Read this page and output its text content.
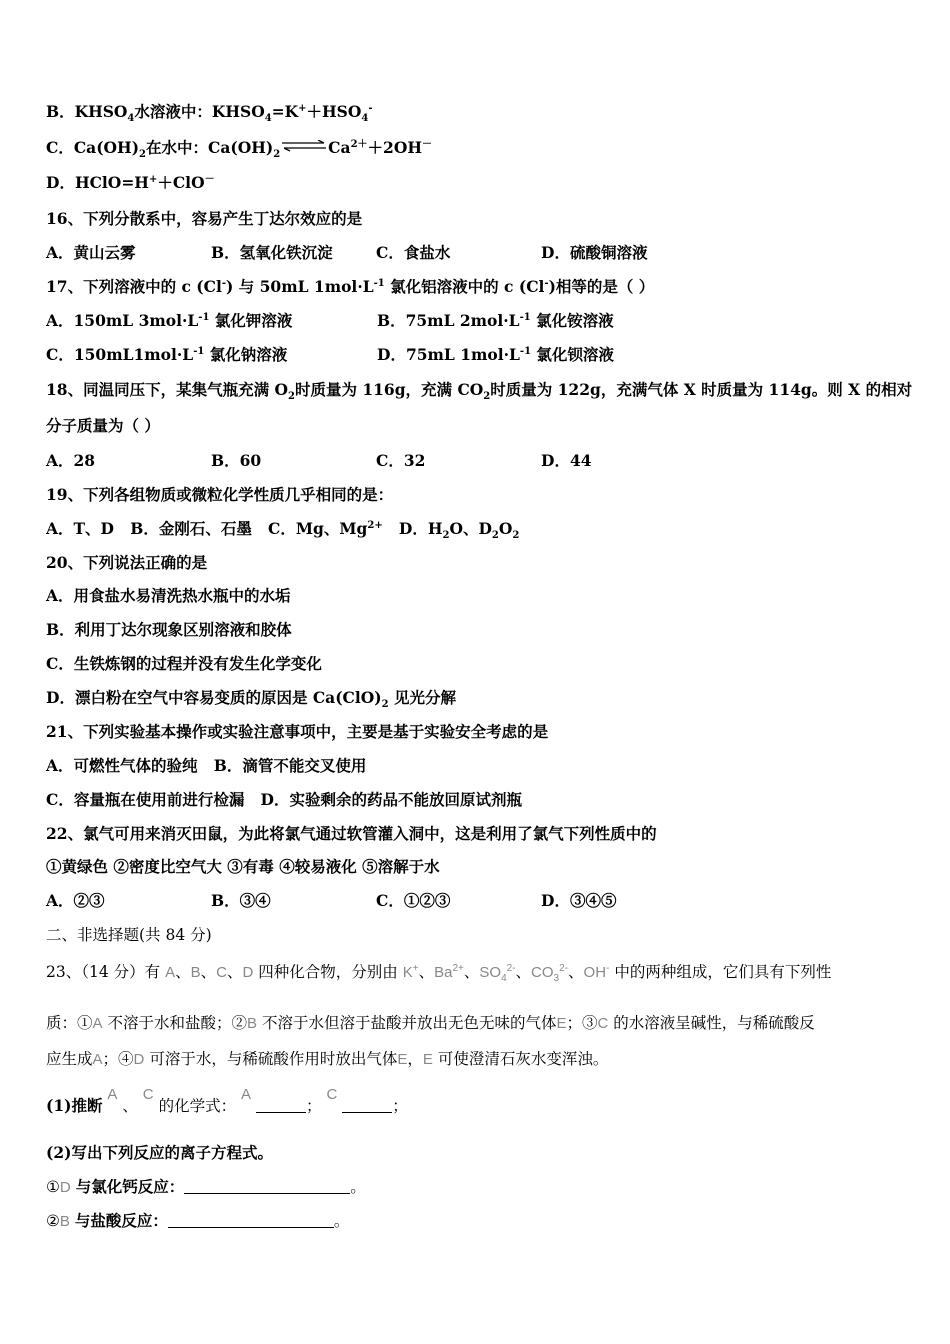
B．$KHSO_4$水溶液中：$KHSO_4=K^++HSO_4^-$
C．$Ca(OH)_2$在水中：$Ca(OH)_2$ ⇌ $Ca^{2+}+2OH^-$
D．HClO=H+＋ClO－
16、下列分散系中，容易产生丁达尔效应的是
A．黄山云雾	B．氢氧化铁沉淀	C．食盐水	D．硫酸铜溶液
17、下列溶液中的 c (Cl-) 与 50mL $1mol\cdot L^{-1}$ 氯化铝溶液中的 c (Cl-)相等的是（ ）
A．150mL $3mol\cdot L^{-1}$ 氯化钾溶液	B．75mL $2mol\cdot L^{-1}$ 氯化铵溶液
C．$150mL1mol\cdot L^{-1}$ 氯化钠溶液	D．75mL $1mol\cdot L^{-1}$ 氯化钡溶液
18、同温同压下，某集气瓶充满 $O_2$时质量为 116g，充满 $CO_2$时质量为 122g，充满气体 X 时质量为 114g。则 X 的相对
分子质量为（ ）
A．28	B．60	C．32	D．44
19、下列各组物质或微粒化学性质几乎相同的是：
A．T、D B．金刚石、石墨 C．Mg、$Mg^{2+}$ D．$H_2O$、$D_2O_2$
20、下列说法正确的是
A．用食盐水易清洗热水瓶中的水垢
B．利用丁达尔现象区别溶液和胶体
C．生铁炼钢的过程并没有发生化学变化
D．漂白粉在空气中容易变质的原因是 $Ca(ClO)_2$ 见光分解
21、下列实验基本操作或实验注意事项中，主要是基于实验安全考虑的是
A．可燃性气体的验纯 B．滴管不能交叉使用
C．容量瓶在使用前进行检漏 D．实验剩余的药品不能放回原试剂瓶
22、氯气可用来消灭田鼠，为此将氯气通过软管灌入洞中，这是利用了氯气下列性质中的
①黄绿色 ②密度比空气大 ③有毒 ④较易液化 ⑤溶解于水
A．②③	B．③④	C．①②③	D．③④⑤
二、非选择题(共 84 分)
23、（14 分）有 A、B、C、D 四种化合物，分别由 K+、$Ba^{2+}$、$SO_4^{2-}$、$CO_3^{2-}$、OH- 中的两种组成，它们具有下列性
质：①A 不溶于水和盐酸；②B 不溶于水但溶于盐酸并放出无色无味的气体E；③C 的水溶液呈碱性，与稀硫酸反
应生成A；④D 可溶于水，与稀硫酸作用时放出气体E，E 可使澄清石灰水变浑浊。
(1)推断 A 、 C 的化学式： A ； C ；
(2)写出下列反应的离子方程式。
①D 与氯化钙反应：	。
②B 与盐酸反应：	。
